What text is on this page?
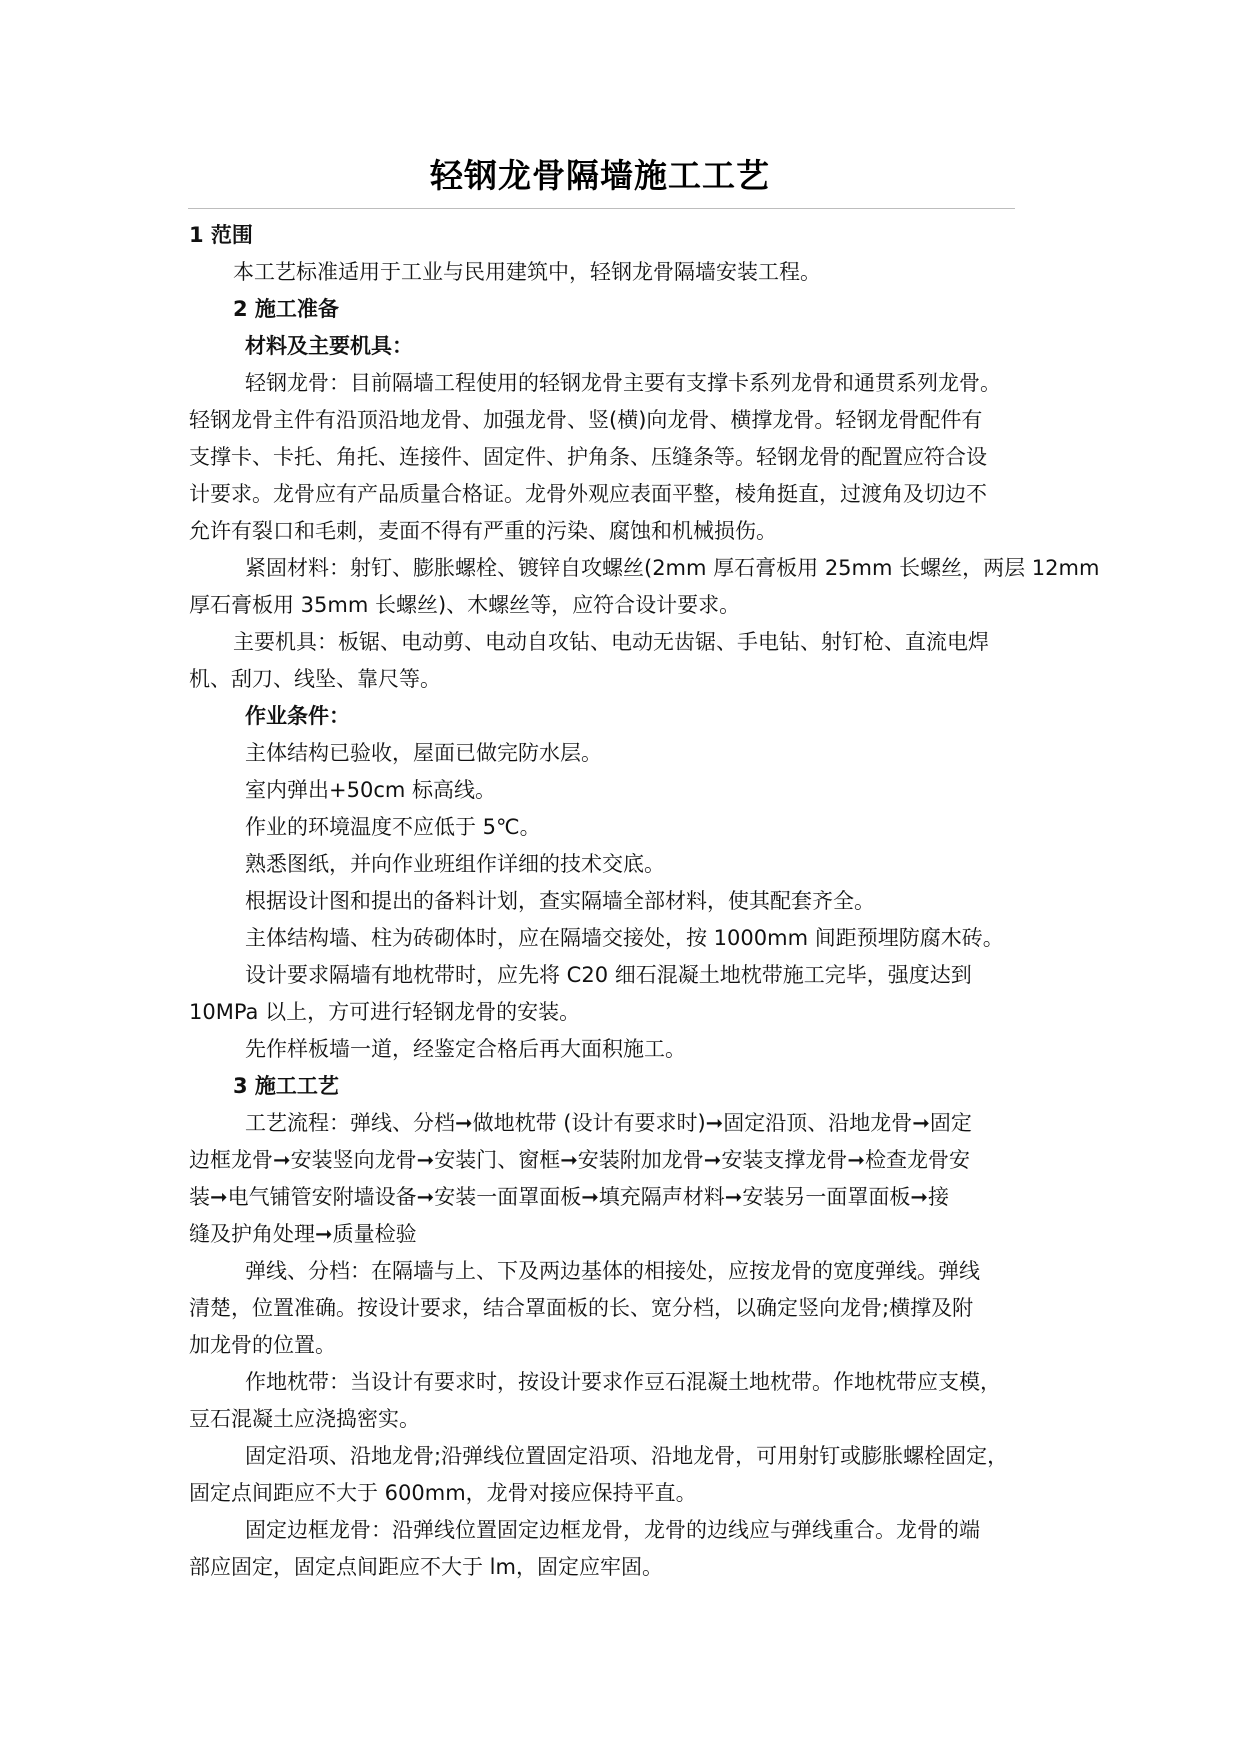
轻钢龙骨隔墙施工工艺

1 范围

本工艺标准适用于工业与民用建筑中，轻钢龙骨隔墙安装工程。

2 施工准备

材料及主要机具：

轻钢龙骨：目前隔墙工程使用的轻钢龙骨主要有支撑卡系列龙骨和通贯系列龙骨。

轻钢龙骨主件有沿顶沿地龙骨、加强龙骨、竖(横)向龙骨、横撑龙骨。轻钢龙骨配件有

支撑卡、卡托、角托、连接件、固定件、护角条、压缝条等。轻钢龙骨的配置应符合设

计要求。龙骨应有产品质量合格证。龙骨外观应表面平整，棱角挺直，过渡角及切边不

允许有裂口和毛刺，麦面不得有严重的污染、腐蚀和机械损伤。

紧固材料：射钉、膨胀螺栓、镀锌自攻螺丝(2mm 厚石膏板用 25mm 长螺丝，两层 12mm

厚石膏板用 35mm 长螺丝)、木螺丝等，应符合设计要求。

主要机具：板锯、电动剪、电动自攻钻、电动无齿锯、手电钻、射钉枪、直流电焊

机、刮刀、线坠、靠尺等。

作业条件：

主体结构已验收，屋面已做完防水层。

室内弹出+50cm 标高线。

作业的环境温度不应低于 5℃。

熟悉图纸，并向作业班组作详细的技术交底。

根据设计图和提出的备料计划，查实隔墙全部材料，使其配套齐全。

主体结构墙、柱为砖砌体时，应在隔墙交接处，按 1000mm 间距预埋防腐木砖。

设计要求隔墙有地枕带时，应先将 C20 细石混凝土地枕带施工完毕，强度达到

10MPa 以上，方可进行轻钢龙骨的安装。

先作样板墙一道，经鉴定合格后再大面积施工。

3 施工工艺

工艺流程：弹线、分档➞做地枕带 (设计有要求时)➞固定沿顶、沿地龙骨➞固定

边框龙骨➞安装竖向龙骨➞安装门、窗框➞安装附加龙骨➞安装支撑龙骨➞检查龙骨安

装➞电气铺管安附墙设备➞安装一面罩面板➞填充隔声材料➞安装另一面罩面板➞接

缝及护角处理➞质量检验

弹线、分档：在隔墙与上、下及两边基体的相接处，应按龙骨的宽度弹线。弹线

清楚，位置准确。按设计要求，结合罩面板的长、宽分档，以确定竖向龙骨;横撑及附

加龙骨的位置。

作地枕带：当设计有要求时，按设计要求作豆石混凝土地枕带。作地枕带应支模，

豆石混凝土应浇捣密实。

固定沿项、沿地龙骨;沿弹线位置固定沿项、沿地龙骨，可用射钉或膨胀螺栓固定，

固定点间距应不大于 600mm，龙骨对接应保持平直。

固定边框龙骨：沿弹线位置固定边框龙骨，龙骨的边线应与弹线重合。龙骨的端

部应固定，固定点间距应不大于 lm，固定应牢固。
